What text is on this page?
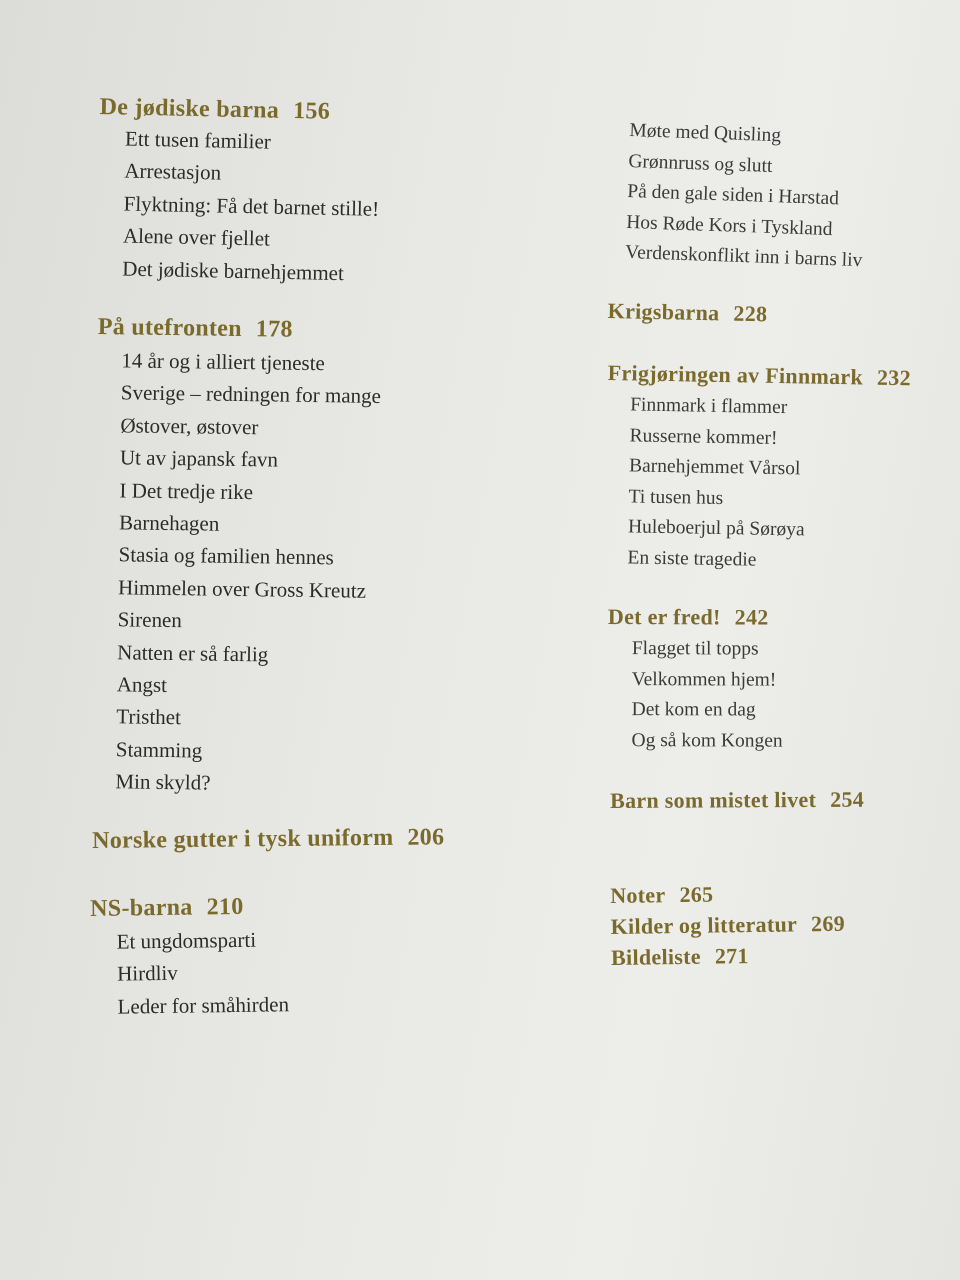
De jødiske barna 156
Ett tusen familier
Arrestasjon
Flyktning: Få det barnet stille!
Alene over fjellet
Det jødiske barnehjemmet
På utefronten 178
14 år og i alliert tjeneste
Sverige – redningen for mange
Østover, østover
Ut av japansk favn
I Det tredje rike
Barnehagen
Stasia og familien hennes
Himmelen over Gross Kreutz
Sirenen
Natten er så farlig
Angst
Tristhet
Stamming
Min skyld?
Norske gutter i tysk uniform 206
NS-barna 210
Et ungdomsparti
Hirdliv
Leder for småhirden
Møte med Quisling
Grønnruss og slutt
På den gale siden i Harstad
Hos Røde Kors i Tyskland
Verdenskonflikt inn i barns liv
Krigsbarna 228
Frigjøringen av Finnmark 232
Finnmark i flammer
Russerne kommer!
Barnehjemmet Vårsol
Ti tusen hus
Huleboerjul på Sørøya
En siste tragedie
Det er fred! 242
Flagget til topps
Velkommen hjem!
Det kom en dag
Og så kom Kongen
Barn som mistet livet 254
Noter 265
Kilder og litteratur 269
Bildeliste 271
